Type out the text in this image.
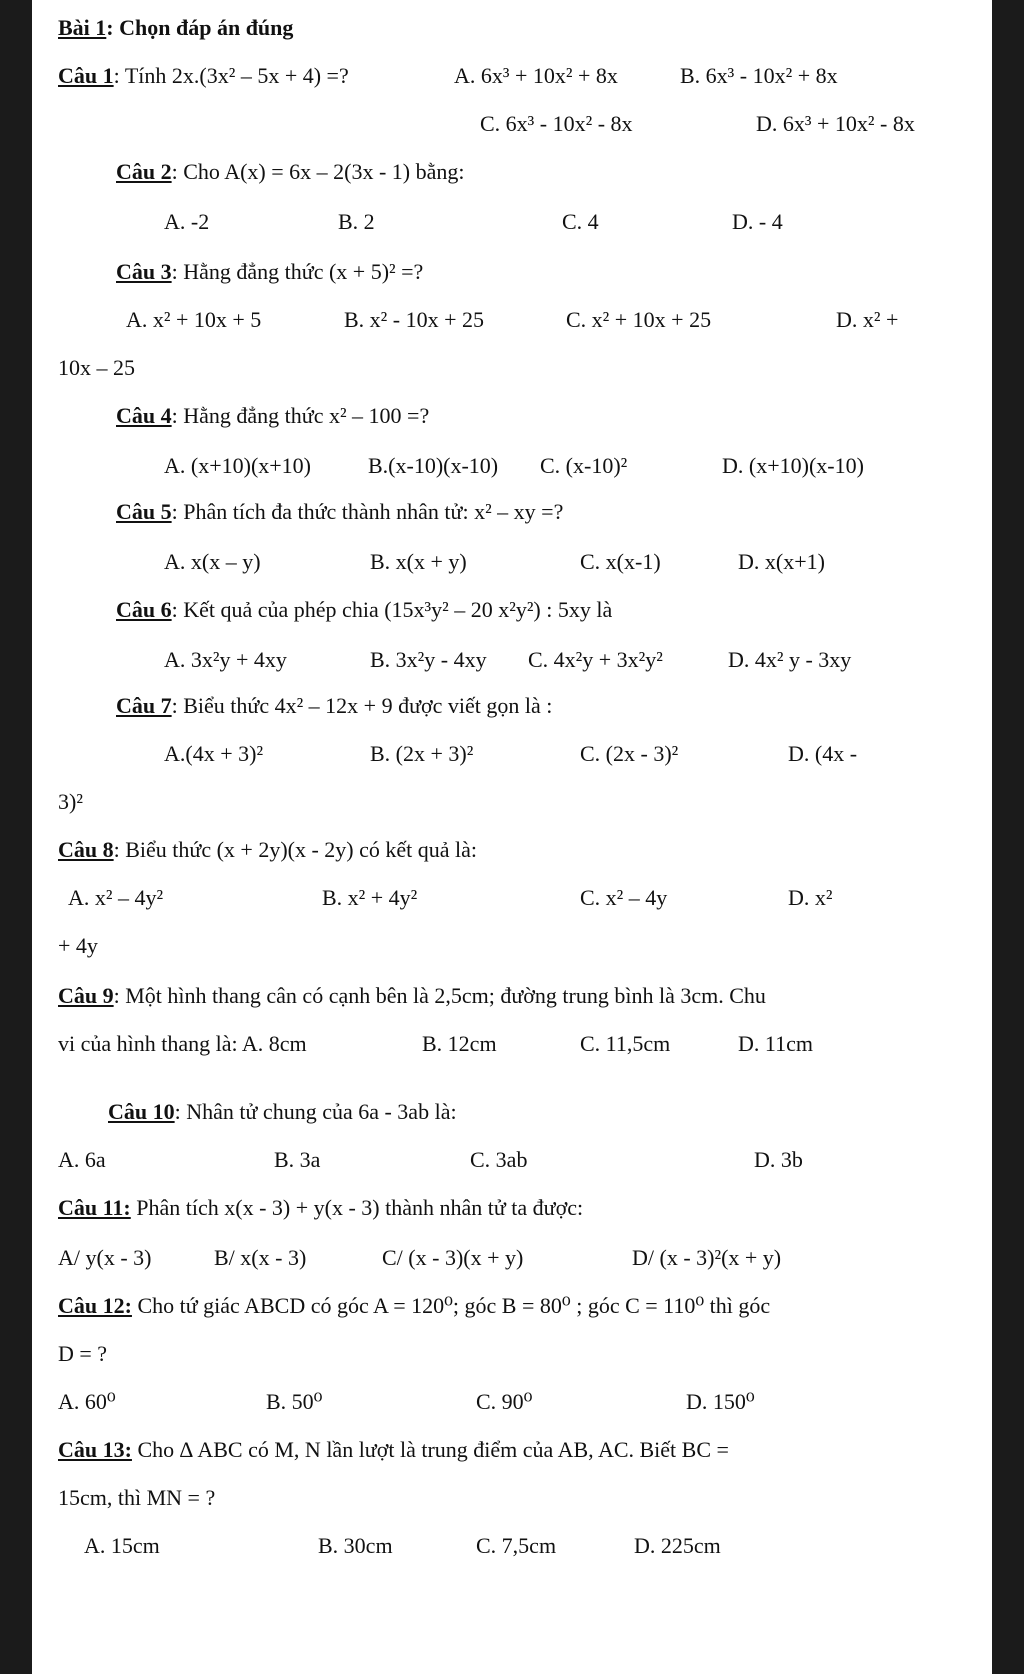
Bài 1: Chọn đáp án đúng
Câu 1: Tính 2x.(3x² – 5x + 4) =?	A. 6x³ + 10x² + 8x	B. 6x³ - 10x² + 8x
C. 6x³ - 10x² - 8x	D. 6x³ + 10x² - 8x
Câu 2: Cho A(x) = 6x – 2(3x - 1) bằng:
A. -2	B. 2	C. 4	D. - 4
Câu 3: Hằng đẳng thức (x + 5)² =?
A. x² + 10x + 5	B. x² - 10x + 25	C. x² + 10x + 25	D. x² +
10x – 25
Câu 4: Hằng đẳng thức x² – 100 =?
A. (x+10)(x+10)	B.(x-10)(x-10) C. (x-10)²	D. (x+10)(x-10)
Câu 5: Phân tích đa thức thành nhân tử: x² – xy =?
A. x(x – y)	B. x(x + y)	C. x(x-1)	D. x(x+1)
Câu 6: Kết quả của phép chia (15x³y² – 20 x²y²) : 5xy là
A. 3x²y + 4xy	B. 3x²y - 4xy C. 4x²y + 3x²y²	D. 4x² y - 3xy
Câu 7: Biểu thức 4x² – 12x + 9 được viết gọn là :
A.(4x + 3)²	B. (2x + 3)²	C. (2x - 3)²	D. (4x -
3)²
Câu 8: Biểu thức (x + 2y)(x - 2y) có kết quả là:
A. x² – 4y²	B. x² + 4y²	C. x² – 4y	D. x²
+ 4y
Câu 9: Một hình thang cân có cạnh bên là 2,5cm; đường trung bình là 3cm. Chu
vi của hình thang là: A. 8cm	B. 12cm	C. 11,5cm	D. 11cm
Câu 10: Nhân tử chung của 6a - 3ab là:
A. 6a	B. 3a	C. 3ab	D. 3b
Câu 11: Phân tích x(x - 3) + y(x - 3) thành nhân tử ta được:
A/ y(x - 3)	B/ x(x - 3)	C/ (x - 3)(x + y)	D/ (x - 3)²(x + y)
Câu 12: Cho tứ giác ABCD có góc A = 120⁰; góc B = 80⁰ ; góc C = 110⁰ thì góc
D = ?
A. 60⁰	B. 50⁰	C. 90⁰	D. 150⁰
Câu 13: Cho ∆ ABC có M, N lần lượt là trung điểm của AB, AC. Biết BC =
15cm, thì MN = ?
A. 15cm	B. 30cm	C. 7,5cm	D. 225cm
